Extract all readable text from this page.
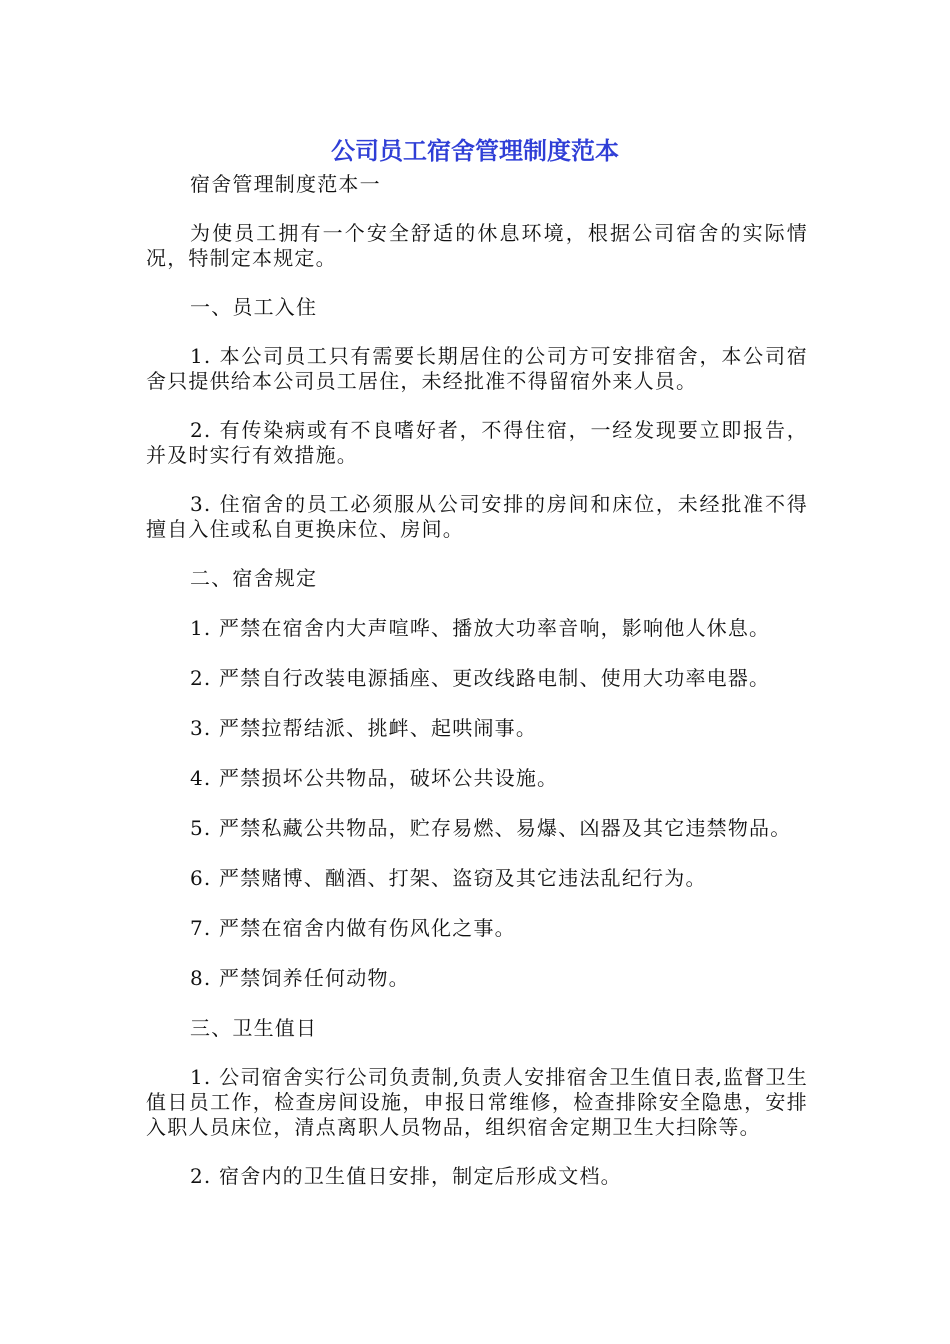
公司员工宿舍管理制度范本

宿舍管理制度范本一

为使员工拥有一个安全舒适的休息环境，根据公司宿舍的实际情况，特制定本规定。

一、员工入住

1. 本公司员工只有需要长期居住的公司方可安排宿舍，本公司宿舍只提供给本公司员工居住，未经批准不得留宿外来人员。

2. 有传染病或有不良嗜好者，不得住宿，一经发现要立即报告，并及时实行有效措施。

3. 住宿舍的员工必须服从公司安排的房间和床位，未经批准不得擅自入住或私自更换床位、房间。

二、宿舍规定

1. 严禁在宿舍内大声喧哗、播放大功率音响，影响他人休息。

2. 严禁自行改装电源插座、更改线路电制、使用大功率电器。

3. 严禁拉帮结派、挑衅、起哄闹事。

4. 严禁损坏公共物品，破坏公共设施。

5. 严禁私藏公共物品，贮存易燃、易爆、凶器及其它违禁物品。

6. 严禁赌博、酗酒、打架、盗窃及其它违法乱纪行为。

7. 严禁在宿舍内做有伤风化之事。

8. 严禁饲养任何动物。

三、卫生值日

1. 公司宿舍实行公司负责制,负责人安排宿舍卫生值日表,监督卫生值日员工作，检查房间设施，申报日常维修，检查排除安全隐患，安排入职人员床位，清点离职人员物品，组织宿舍定期卫生大扫除等。

2. 宿舍内的卫生值日安排，制定后形成文档。
